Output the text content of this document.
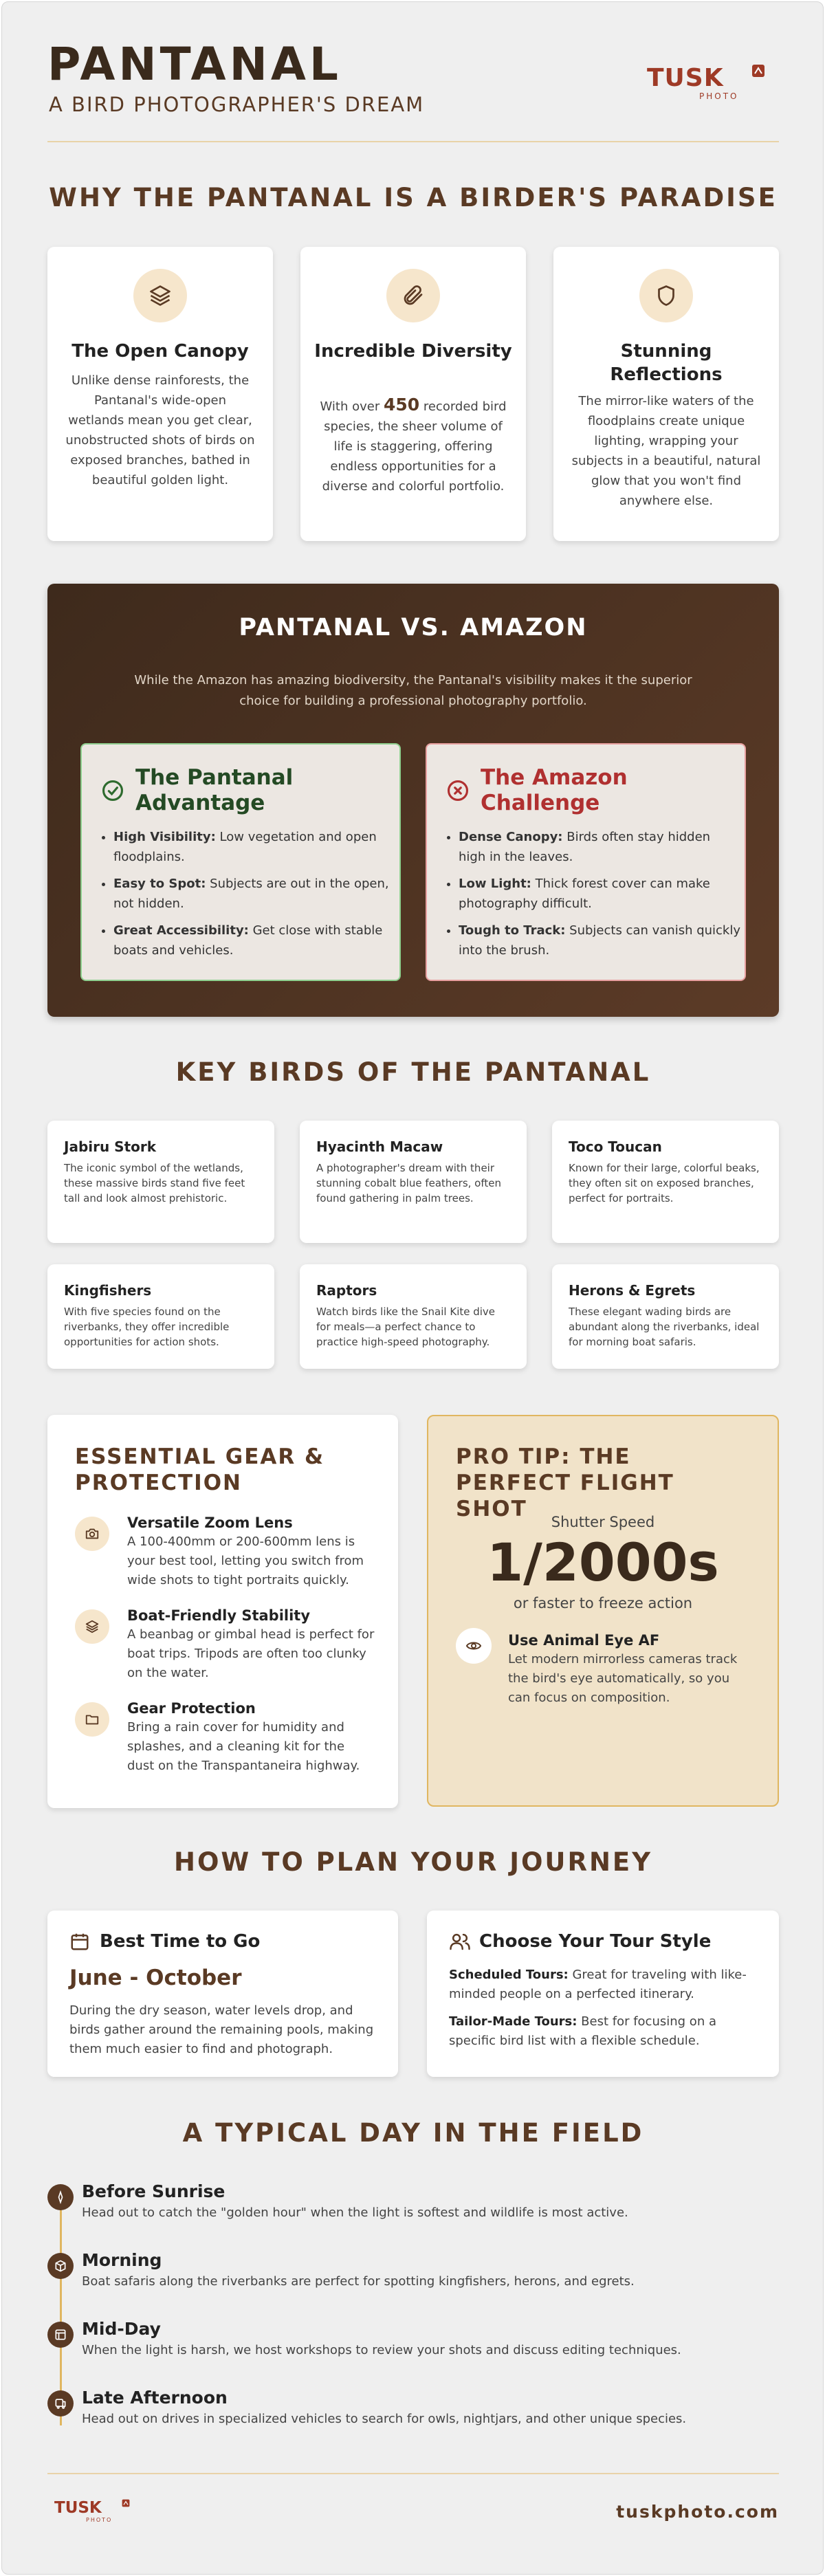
PANTANAL
A BIRD PHOTOGRAPHER'S DREAM
TUSK
PHOTO
WHY THE PANTANAL IS A BIRDER'S PARADISE
The Open Canopy
Unlike dense rainforests, the Pantanal's wide-open wetlands mean you get clear, unobstructed shots of birds on exposed branches, bathed in beautiful golden light.
Incredible Diversity
With over 450 recorded bird species, the sheer volume of life is staggering, offering endless opportunities for a diverse and colorful portfolio.
Stunning Reflections
The mirror-like waters of the floodplains create unique lighting, wrapping your subjects in a beautiful, natural glow that you won't find anywhere else.
PANTANAL VS. AMAZON
While the Amazon has amazing biodiversity, the Pantanal's visibility makes it the superior choice for building a professional photography portfolio.
The Pantanal Advantage
• High Visibility: Low vegetation and open floodplains.
• Easy to Spot: Subjects are out in the open, not hidden.
• Great Accessibility: Get close with stable boats and vehicles.
The Amazon Challenge
• Dense Canopy: Birds often stay hidden high in the leaves.
• Low Light: Thick forest cover can make photography difficult.
• Tough to Track: Subjects can vanish quickly into the brush.
KEY BIRDS OF THE PANTANAL
Jabiru Stork
The iconic symbol of the wetlands, these massive birds stand five feet tall and look almost prehistoric.
Hyacinth Macaw
A photographer's dream with their stunning cobalt blue feathers, often found gathering in palm trees.
Toco Toucan
Known for their large, colorful beaks, they often sit on exposed branches, perfect for portraits.
Kingfishers
With five species found on the riverbanks, they offer incredible opportunities for action shots.
Raptors
Watch birds like the Snail Kite dive for meals—a perfect chance to practice high-speed photography.
Herons & Egrets
These elegant wading birds are abundant along the riverbanks, ideal for morning boat safaris.
ESSENTIAL GEAR & PROTECTION
Versatile Zoom Lens
A 100-400mm or 200-600mm lens is your best tool, letting you switch from wide shots to tight portraits quickly.
Boat-Friendly Stability
A beanbag or gimbal head is perfect for boat trips. Tripods are often too clunky on the water.
Gear Protection
Bring a rain cover for humidity and splashes, and a cleaning kit for the dust on the Transpantaneira highway.
PRO TIP: THE PERFECT FLIGHT SHOT
Shutter Speed
1/2000s
or faster to freeze action
Use Animal Eye AF
Let modern mirrorless cameras track the bird's eye automatically, so you can focus on composition.
HOW TO PLAN YOUR JOURNEY
Best Time to Go
June - October
During the dry season, water levels drop, and birds gather around the remaining pools, making them much easier to find and photograph.
Choose Your Tour Style
Scheduled Tours: Great for traveling with like-minded people on a perfected itinerary.
Tailor-Made Tours: Best for focusing on a specific bird list with a flexible schedule.
A TYPICAL DAY IN THE FIELD
Before Sunrise
Head out to catch the "golden hour" when the light is softest and wildlife is most active.
Morning
Boat safaris along the riverbanks are perfect for spotting kingfishers, herons, and egrets.
Mid-Day
When the light is harsh, we host workshops to review your shots and discuss editing techniques.
Late Afternoon
Head out on drives in specialized vehicles to search for owls, nightjars, and other unique species.
TUSK
PHOTO	tuskphoto.com
